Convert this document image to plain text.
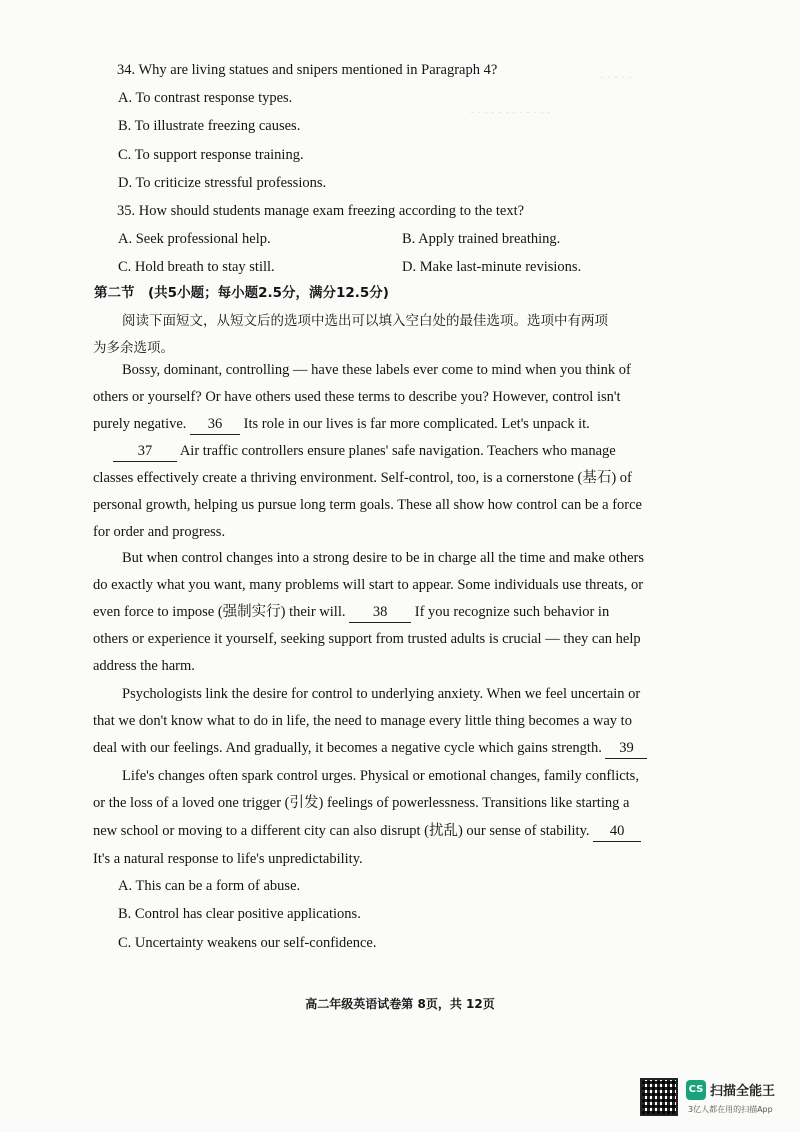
· · · · ·
· · · · · · · · · · · ·
34. Why are living statues and snipers mentioned in Paragraph 4?
A. To contrast response types.
B. To illustrate freezing causes.
C. To support response training.
D. To criticize stressful professions.
35. How should students manage exam freezing according to the text?
A. Seek professional help.	B. Apply trained breathing.
C. Hold breath to stay still.	D. Make last-minute revisions.
第二节　(共5小题；每小题2.5分，满分12.5分)
阅读下面短文，从短文后的选项中选出可以填入空白处的最佳选项。选项中有两项
为多余选项。
Bossy, dominant, controlling — have these labels ever come to mind when you think of
others or yourself? Or have others used these terms to describe you? However, control isn't
purely negative. 36 Its role in our lives is far more complicated. Let's unpack it.
37 Air traffic controllers ensure planes' safe navigation. Teachers who manage
classes effectively create a thriving environment. Self-control, too, is a cornerstone (基石) of
personal growth, helping us pursue long term goals. These all show how control can be a force
for order and progress.
But when control changes into a strong desire to be in charge all the time and make others
do exactly what you want, many problems will start to appear. Some individuals use threats, or
even force to impose (强制实行) their will. 38 If you recognize such behavior in
others or experience it yourself, seeking support from trusted adults is crucial — they can help
address the harm.
Psychologists link the desire for control to underlying anxiety. When we feel uncertain or
that we don't know what to do in life, the need to manage every little thing becomes a way to
deal with our feelings. And gradually, it becomes a negative cycle which gains strength. 39
Life's changes often spark control urges. Physical or emotional changes, family conflicts,
or the loss of a loved one trigger (引发) feelings of powerlessness. Transitions like starting a
new school or moving to a different city can also disrupt (扰乱) our sense of stability. 40
It's a natural response to life's unpredictability.
A. This can be a form of abuse.
B. Control has clear positive applications.
C. Uncertainty weakens our self-confidence.
高二年级英语试卷第 8页，共 12页
CS 扫描全能王
3亿人都在用的扫描App
